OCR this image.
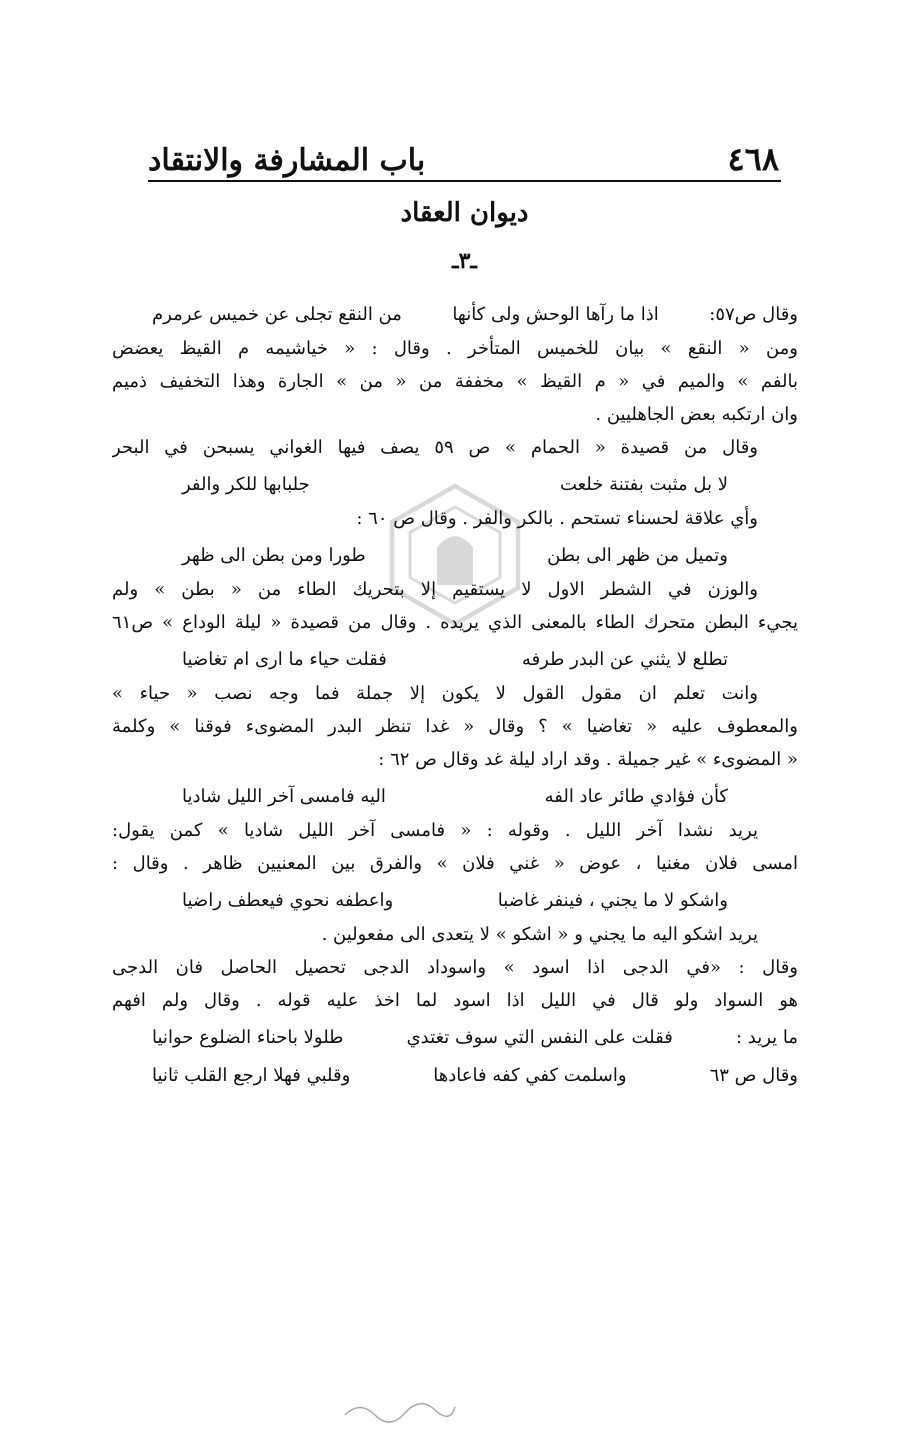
٤٦٨
باب المشارفة والانتقاد
ديوان العقاد
ـ٣ـ
وقال ص٥٧:
اذا ما رآها الوحش ولى كأنها
من النقع تجلى عن خميس عرمرم
ومن « النقع » بيان للخميس المتأخر . وقال : « خياشيمه م القيظ يعضض
بالفم » والميم في « م القيظ » مخففة من « من » الجارة وهذا التخفيف ذميم
وان ارتكبه بعض الجاهليين .
وقال من قصيدة « الحمام » ص ٥٩ يصف فيها الغواني يسبحن في البحر
لا بل مثبت بفتنة خلعت
جلبابها للكر والفر
وأي علاقة لحسناء تستحم . بالكر والفر . وقال ص ٦٠ :
وتميل من ظهر الى بطن
طورا ومن بطن الى ظهر
والوزن في الشطر الاول لا يستقيم إلا بتحريك الطاء من « بطن » ولم
يجيء البطن متحرك الطاء بالمعنى الذي يريده . وقال من قصيدة « ليلة الوداع » ص٦١
تطلع لا يثني عن البدر طرفه
فقلت حياء ما ارى ام تغاضيا
وانت تعلم ان مقول القول لا يكون إلا جملة فما وجه نصب « حياء »
والمعطوف عليه « تغاضيا » ؟ وقال « غدا تنظر البدر المضوىء فوقنا » وكلمة
« المضوىء » غير جميلة . وقد اراد ليلة غد وقال ص ٦٢ :
كأن فؤادي طائر عاد الفه
اليه فامسى آخر الليل شاديا
يريد نشدا آخر الليل . وقوله : « فامسى آخر الليل شاديا » كمن يقول:
امسى فلان مغنيا ، عوض « غني فلان » والفرق بين المعنيين ظاهر . وقال :
واشكو لا ما يجني ، فينفر غاضبا
واعطفه نحوي فيعطف راضيا
يريد اشكو اليه ما يجني و « اشكو » لا يتعدى الى مفعولين .
وقال : «في الدجى اذا اسود » واسوداد الدجى تحصيل الحاصل فان الدجى
هو السواد ولو قال في الليل اذا اسود لما اخذ عليه قوله . وقال ولم افهم
ما يريد :
فقلت على النفس التي سوف تغتدي
طلولا باحناء الضلوع حوانيا
وقال ص ٦٣
واسلمت كفي كفه فاعادها
وقلبي فهلا ارجع القلب ثانيا
